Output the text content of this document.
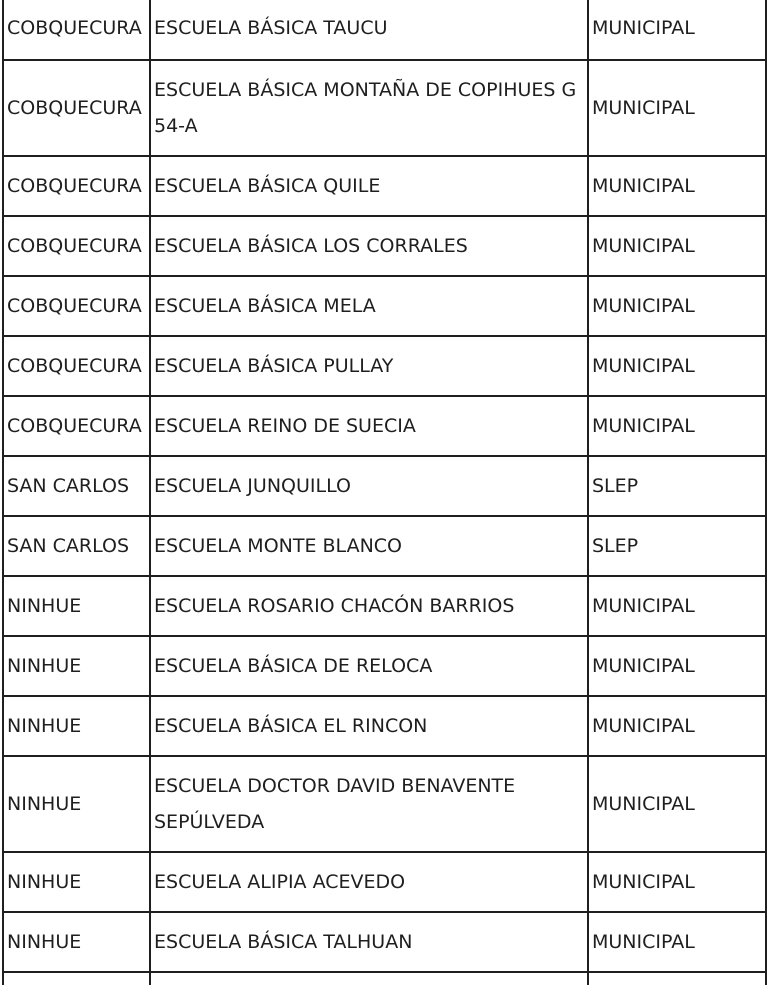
COBQUECURA	ESCUELA BÁSICA TAUCU	MUNICIPAL
COBQUECURA	ESCUELA BÁSICA MONTAÑA DE COPIHUES G 54-A	MUNICIPAL
COBQUECURA	ESCUELA BÁSICA QUILE	MUNICIPAL
COBQUECURA	ESCUELA BÁSICA LOS CORRALES	MUNICIPAL
COBQUECURA	ESCUELA BÁSICA MELA	MUNICIPAL
COBQUECURA	ESCUELA BÁSICA PULLAY	MUNICIPAL
COBQUECURA	ESCUELA REINO DE SUECIA	MUNICIPAL
SAN CARLOS	ESCUELA JUNQUILLO	SLEP
SAN CARLOS	ESCUELA MONTE BLANCO	SLEP
NINHUE	ESCUELA ROSARIO CHACÓN BARRIOS	MUNICIPAL
NINHUE	ESCUELA BÁSICA DE RELOCA	MUNICIPAL
NINHUE	ESCUELA BÁSICA EL RINCON	MUNICIPAL
NINHUE	ESCUELA DOCTOR DAVID BENAVENTE SEPÚLVEDA	MUNICIPAL
NINHUE	ESCUELA ALIPIA ACEVEDO	MUNICIPAL
NINHUE	ESCUELA BÁSICA TALHUAN	MUNICIPAL
